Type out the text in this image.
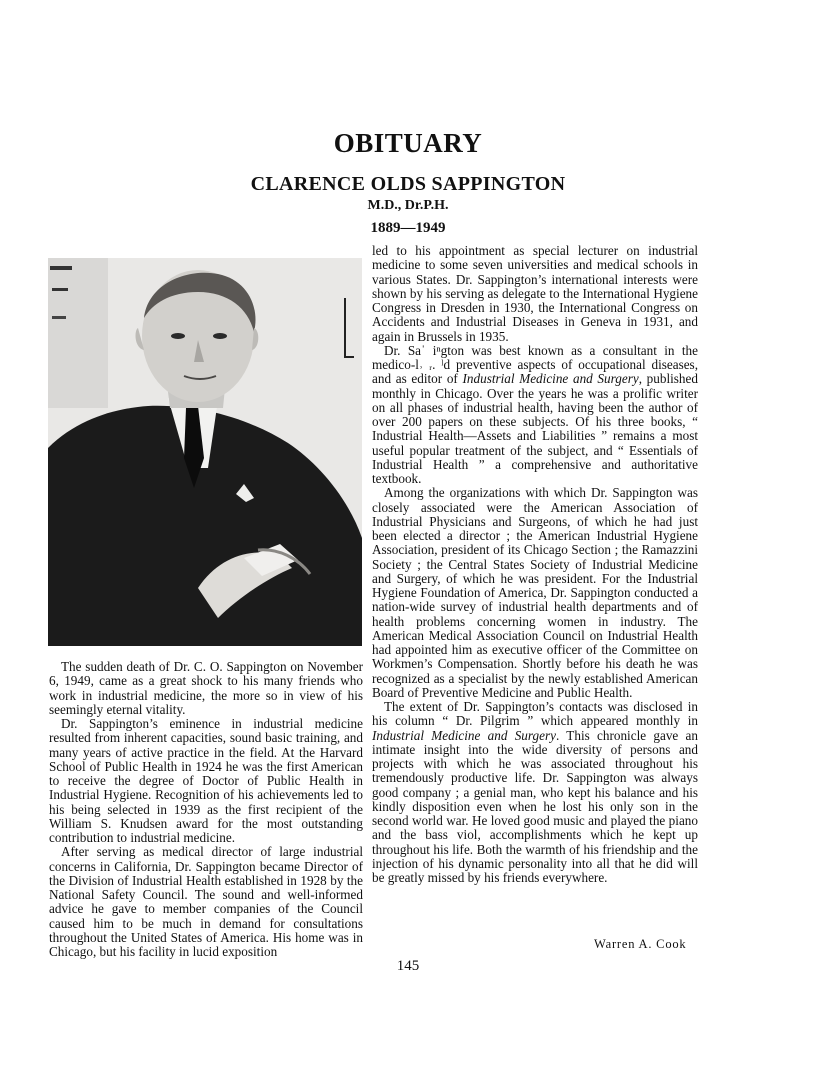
OBITUARY
CLARENCE OLDS SAPPINGTON
M.D., Dr.P.H.
1889—1949

The sudden death of Dr. C. O. Sappington on November 6, 1949, came as a great shock to his many friends who work in industrial medicine, the more so in view of his seemingly eternal vitality.

Dr. Sappington’s eminence in industrial medicine resulted from inherent capacities, sound basic training, and many years of active practice in the field. At the Harvard School of Public Health in 1924 he was the first American to receive the degree of Doctor of Public Health in Industrial Hygiene. Recognition of his achievements led to his being selected in 1939 as the first recipient of the William S. Knudsen award for the most outstanding contribution to industrial medicine.

After serving as medical director of large industrial concerns in California, Dr. Sappington became Director of the Division of Industrial Health established in 1928 by the National Safety Council. The sound and well-informed advice he gave to member companies of the Council caused him to be much in demand for consultations throughout the United States of America. His home was in Chicago, but his facility in lucid exposition

led to his appointment as special lecturer on industrial medicine to some seven universities and medical schools in various States. Dr. Sappington’s international interests were shown by his serving as delegate to the International Hygiene Congress in Dresden in 1930, the International Congress on Accidents and Industrial Diseases in Geneva in 1931, and again in Brussels in 1935.

Dr. Saˈ iⁿgton was best known as a consultant in the medico-l˒ ᵣ. ˡd preventive aspects of occupational diseases, and as editor of Industrial Medicine and Surgery, published monthly in Chicago. Over the years he was a prolific writer on all phases of industrial health, having been the author of over 200 papers on these subjects. Of his three books, “ Industrial Health—Assets and Liabilities ” remains a most useful popular treatment of the subject, and “ Essentials of Industrial Health ” a comprehensive and authoritative textbook.

Among the organizations with which Dr. Sappington was closely associated were the American Association of Industrial Physicians and Surgeons, of which he had just been elected a director ; the American Industrial Hygiene Association, president of its Chicago Section ; the Ramazzini Society ; the Central States Society of Industrial Medicine and Surgery, of which he was president. For the Industrial Hygiene Foundation of America, Dr. Sappington conducted a nation-wide survey of industrial health departments and of health problems concerning women in industry. The American Medical Association Council on Industrial Health had appointed him as executive officer of the Committee on Workmen’s Compensation. Shortly before his death he was recognized as a specialist by the newly established American Board of Preventive Medicine and Public Health.

The extent of Dr. Sappington’s contacts was disclosed in his column “ Dr. Pilgrim ” which appeared monthly in Industrial Medicine and Surgery. This chronicle gave an intimate insight into the wide diversity of persons and projects with which he was associated throughout his tremendously productive life. Dr. Sappington was always good company ; a genial man, who kept his balance and his kindly disposition even when he lost his only son in the second world war. He loved good music and played the piano and the bass viol, accomplishments which he kept up throughout his life. Both the warmth of his friendship and the injection of his dynamic personality into all that he did will be greatly missed by his friends everywhere.

Warren A. Cook
145
